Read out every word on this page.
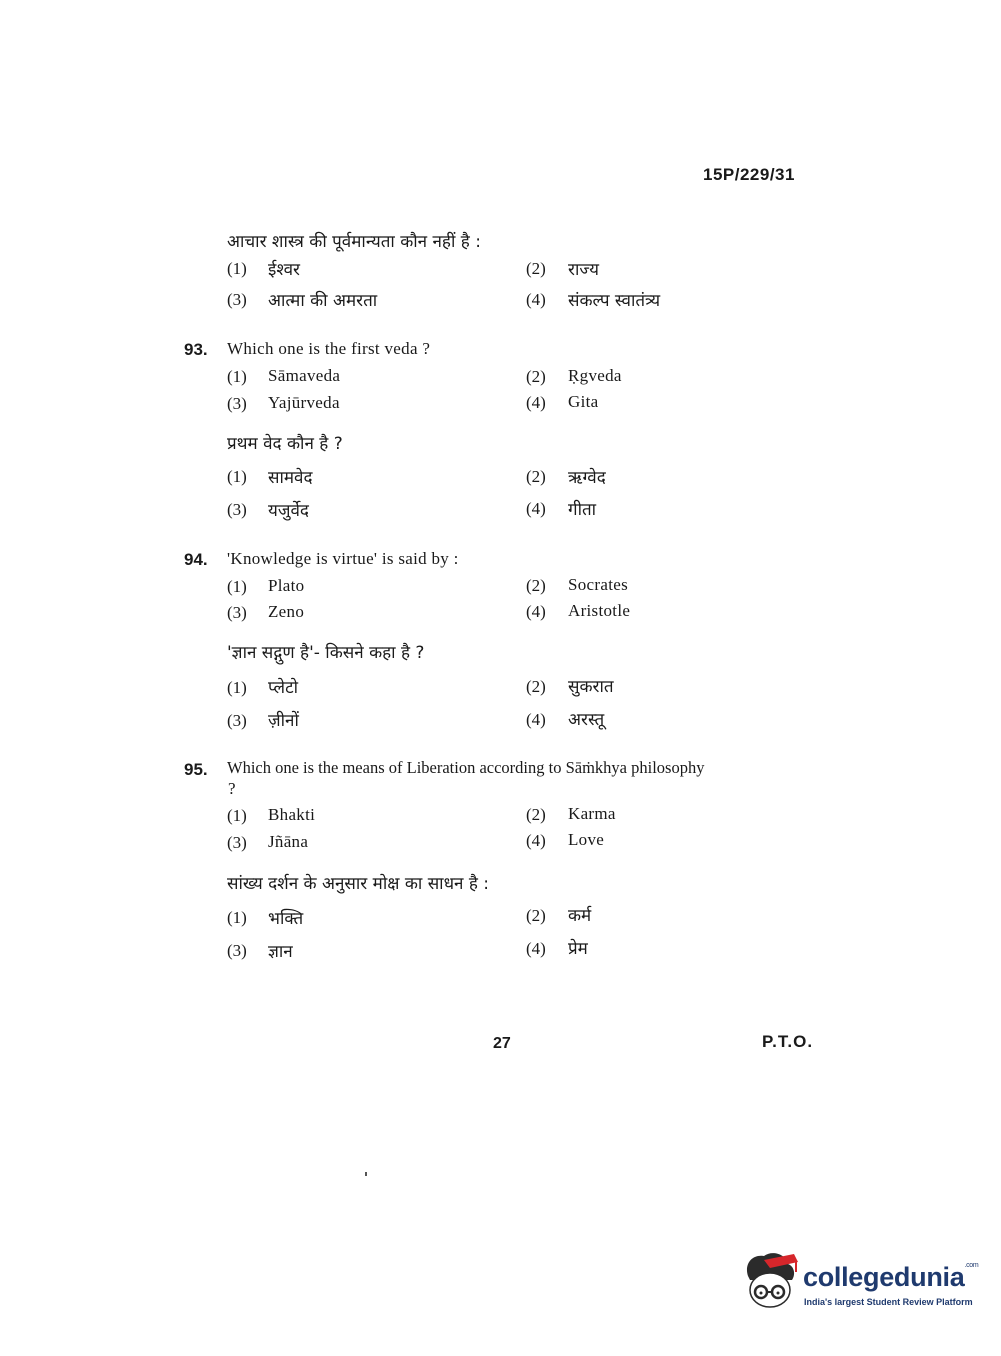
15P/229/31
आचार शास्त्र की पूर्वमान्यता कौन नहीं है :
(1) ईश्वर	(2) राज्य
(3) आत्मा की अमरता	(4) संकल्प स्वातंत्र्य
93. Which one is the first veda ?
(1) Sāmaveda	(2) Ṛgveda
(3) Yajūrveda	(4) Gita
प्रथम वेद कौन है ?
(1) सामवेद	(2) ऋग्वेद
(3) यजुर्वेद	(4) गीता
94. 'Knowledge is virtue' is said by :
(1) Plato	(2) Socrates
(3) Zeno	(4) Aristotle
'ज्ञान सद्गुण है'- किसने कहा है ?
(1) प्लेटो	(2) सुकरात
(3) ज़ीनों	(4) अरस्तू
95. Which one is the means of Liberation according to Sāṁkhya philosophy
?
(1) Bhakti	(2) Karma
(3) Jñāna	(4) Love
सांख्य दर्शन के अनुसार मोक्ष का साधन है :
(1) भक्ति	(2) कर्म
(3) ज्ञान	(4) प्रेम
27	P.T.O.
collegedunia$^{.com}$
India's largest Student Review Platform
